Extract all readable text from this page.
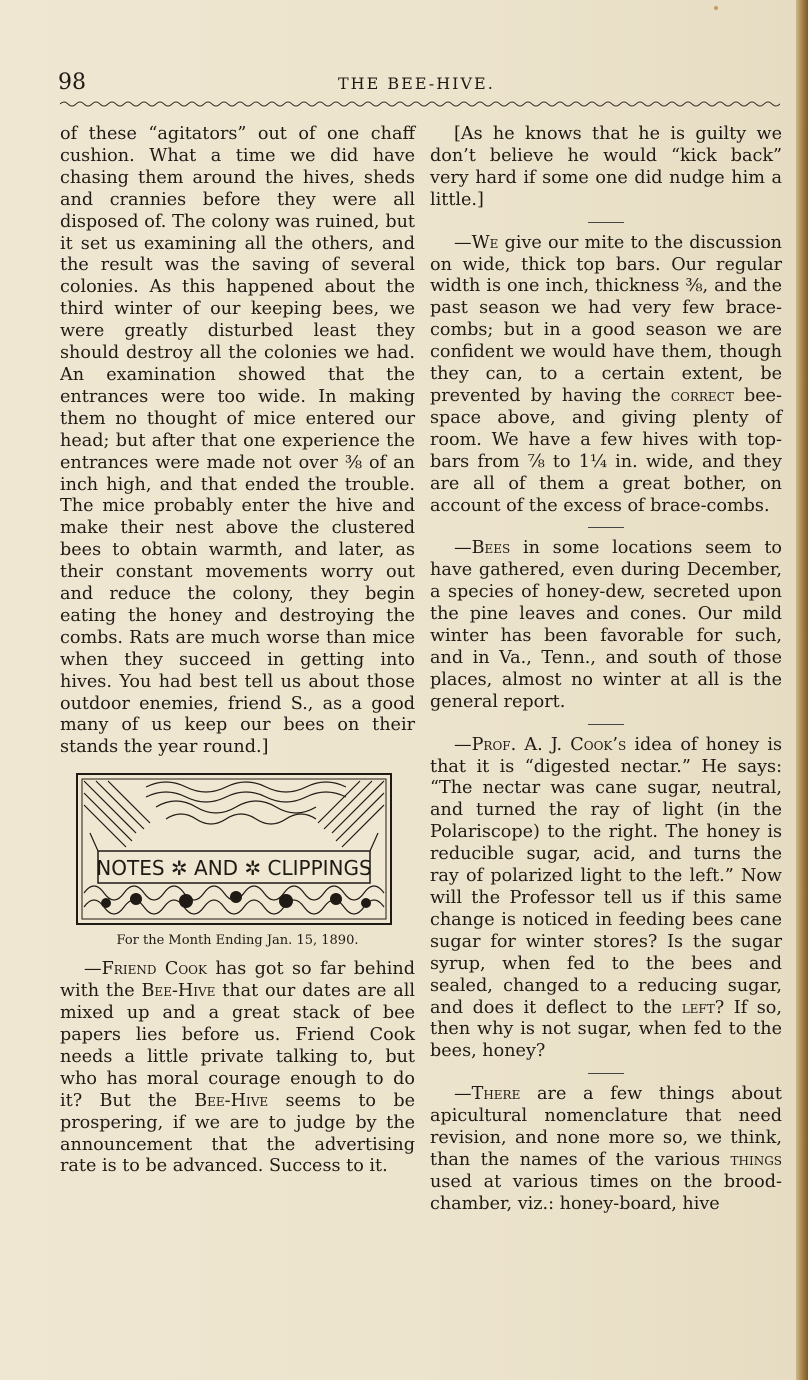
98	THE BEE-HIVE.

of these “agitators” out of one chaff cushion. What a time we did have chasing them around the hives, sheds and crannies before they were all disposed of. The colony was ruined, but it set us examining all the others, and the result was the saving of several colonies. As this happened about the third winter of our keeping bees, we were greatly disturbed least they should destroy all the colonies we had. An examination showed that the entrances were too wide. In making them no thought of mice entered our head; but after that one experience the entrances were made not over ⅜ of an inch high, and that ended the trouble. The mice probably enter the hive and make their nest above the clustered bees to obtain warmth, and later, as their constant movements worry out and reduce the colony, they begin eating the honey and destroying the combs. Rats are much worse than mice when they succeed in getting into hives. You had best tell us about those outdoor enemies, friend S., as a good many of us keep our bees on their stands the year round.]

NOTES ✲ AND ✲ CLIPPINGS
For the Month Ending Jan. 15, 1890.

—Friend Cook has got so far behind with the Bee-Hive that our dates are all mixed up and a great stack of bee papers lies before us. Friend Cook needs a little private talking to, but who has moral courage enough to do it? But the Bee-Hive seems to be prospering, if we are to judge by the announcement that the advertising rate is to be advanced. Success to it.

[As he knows that he is guilty we don’t believe he would “kick back” very hard if some one did nudge him a little.]

—We give our mite to the discussion on wide, thick top bars. Our regular width is one inch, thickness ⅜, and the past season we had very few brace-combs; but in a good season we are confident we would have them, though they can, to a certain extent, be prevented by having the correct bee-space above, and giving plenty of room. We have a few hives with top-bars from ⅞ to 1¼ in. wide, and they are all of them a great bother, on account of the excess of brace-combs.

—Bees in some locations seem to have gathered, even during December, a species of honey-dew, secreted upon the pine leaves and cones. Our mild winter has been favorable for such, and in Va., Tenn., and south of those places, almost no winter at all is the general report.

—Prof. A. J. Cook’s idea of honey is that it is “digested nectar.” He says: “The nectar was cane sugar, neutral, and turned the ray of light (in the Polariscope) to the right. The honey is reducible sugar, acid, and turns the ray of polarized light to the left.” Now will the Professor tell us if this same change is noticed in feeding bees cane sugar for winter stores? Is the sugar syrup, when fed to the bees and sealed, changed to a reducing sugar, and does it deflect to the left? If so, then why is not sugar, when fed to the bees, honey?

—There are a few things about apicultural nomenclature that need revision, and none more so, we think, than the names of the various things used at various times on the brood-chamber, viz.: honey-board, hive
